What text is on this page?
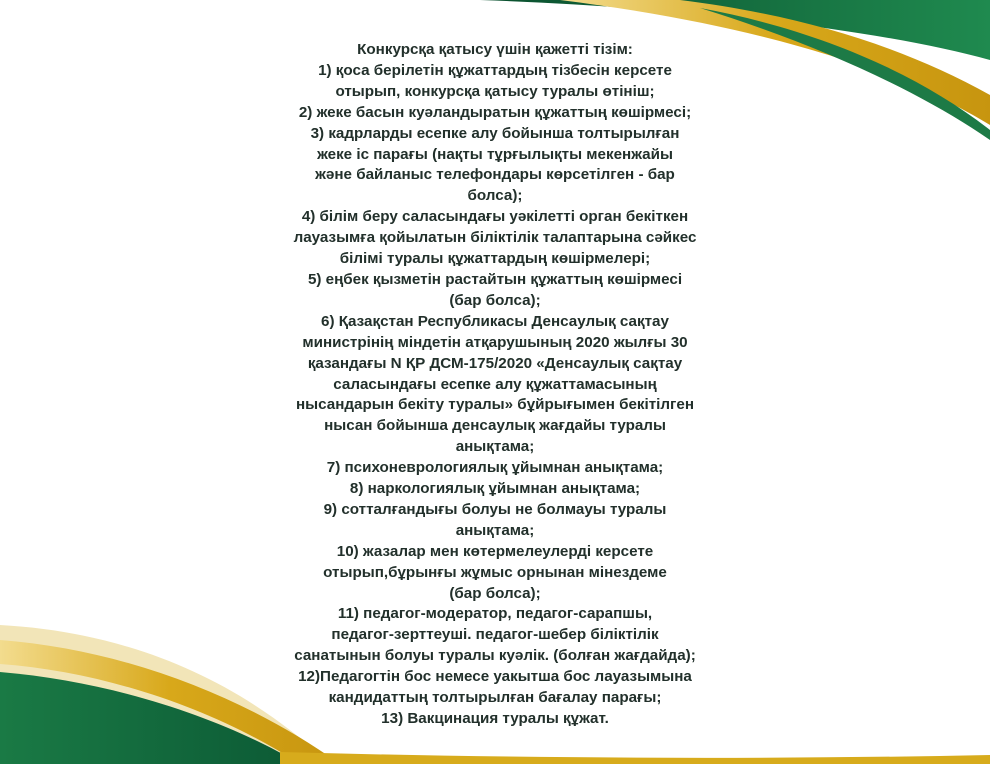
Конкурсқа қатысу үшін қажетті тізім:
1) қоса берілетін құжаттардың тізбесін керсете
отырып, конкурсқа қатысу туралы өтініш;
2) жеке басын куәландыратын құжаттың көшірмесі;
3) кадрларды есепке алу бойынша толтырылған
жеке іс парағы (нақты тұрғылықты мекенжайы
және байланыс телефондары көрсетілген - бар
болса);
4) білім беру саласындағы уәкілетті орган бекіткен
лауазымға қойылатын біліктілік талаптарына сәйкес
білімі туралы құжаттардың көшірмелері;
5) еңбек қызметін растайтын құжаттың көшірмесі
(бар болса);
6) Қазақстан Республикасы Денсаулық сақтау
министрінің міндетін атқарушының 2020 жылғы 30
қазандағы N ҚР ДСМ-175/2020 «Денсаулық сақтау
саласындағы есепке алу құжаттамасының
нысандарын бекіту туралы» бұйрығымен бекітілген
нысан бойынша денсаулық жағдайы туралы
анықтама;
7) психоневрологиялық ұйымнан анықтама;
8) наркологиялық ұйымнан анықтама;
9) сотталғандығы болуы не болмауы туралы
анықтама;
10) жазалар мен көтермелеулерді керсете
отырып,бұрынғы жұмыс орнынан мінездеме
(бар болса);
11) педагог-модератор, педагог-сарапшы,
педагог-зерттеуші. педагог-шебер біліктілік
санатынын болуы туралы куәлік. (болған жағдайда);
12)Педагогтін бос немесе уакытша бос лауазымына
кандидаттың толтырылған бағалау парағы;
13) Вакцинация туралы құжат.
